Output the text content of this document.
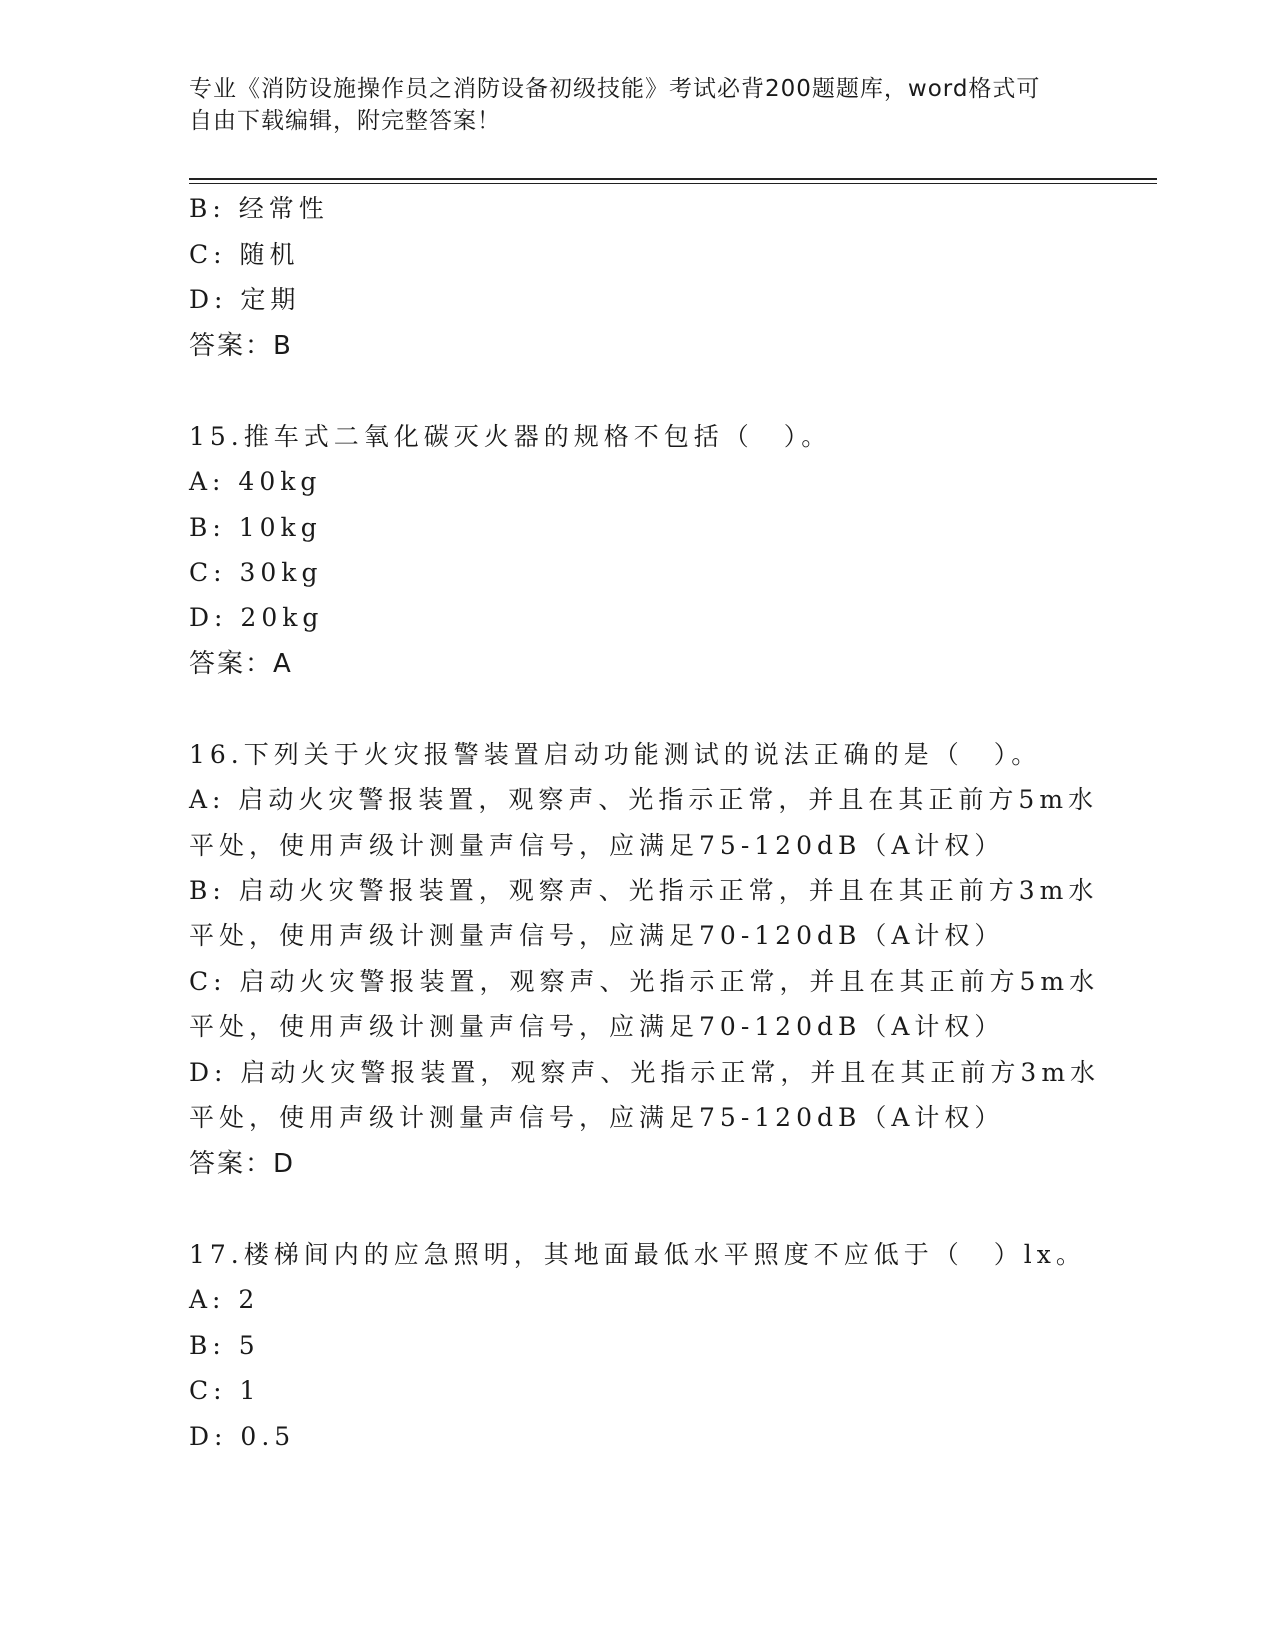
专业《消防设施操作员之消防设备初级技能》考试必背200题题库，word格式可
自由下载编辑，附完整答案！
B: 经常性
C: 随机
D: 定期
答案：B
15.推车式二氧化碳灭火器的规格不包括（　）。
A: 40kg
B: 10kg
C: 30kg
D: 20kg
答案：A
16.下列关于火灾报警装置启动功能测试的说法正确的是（　）。
A: 启动火灾警报装置，观察声、光指示正常，并且在其正前方5m水
平处，使用声级计测量声信号，应满足75-120dB（A计权）
B: 启动火灾警报装置，观察声、光指示正常，并且在其正前方3m水
平处，使用声级计测量声信号，应满足70-120dB（A计权）
C: 启动火灾警报装置，观察声、光指示正常，并且在其正前方5m水
平处，使用声级计测量声信号，应满足70-120dB（A计权）
D: 启动火灾警报装置，观察声、光指示正常，并且在其正前方3m水
平处，使用声级计测量声信号，应满足75-120dB（A计权）
答案：D
17.楼梯间内的应急照明，其地面最低水平照度不应低于（　）lx。
A: 2
B: 5
C: 1
D: 0.5
